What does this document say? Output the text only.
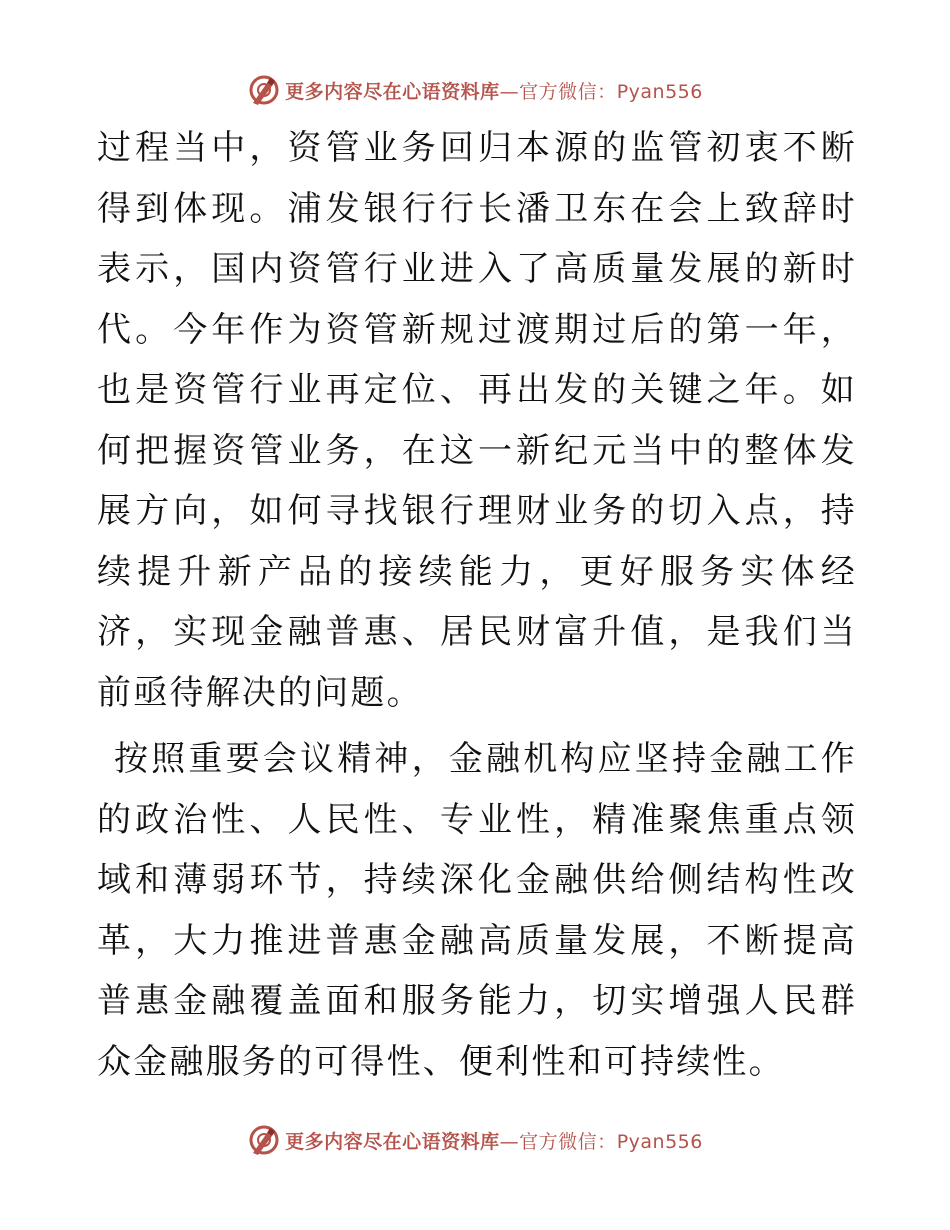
更多内容尽在心语资料库—官方微信：Pyan556

过程当中，资管业务回归本源的监管初衷不断得到体现。浦发银行行长潘卫东在会上致辞时表示，国内资管行业进入了高质量发展的新时代。今年作为资管新规过渡期过后的第一年，也是资管行业再定位、再出发的关键之年。如何把握资管业务，在这一新纪元当中的整体发展方向，如何寻找银行理财业务的切入点，持续提升新产品的接续能力，更好服务实体经济，实现金融普惠、居民财富升值，是我们当前亟待解决的问题。

按照重要会议精神，金融机构应坚持金融工作的政治性、人民性、专业性，精准聚焦重点领域和薄弱环节，持续深化金融供给侧结构性改革，大力推进普惠金融高质量发展，不断提高普惠金融覆盖面和服务能力，切实增强人民群众金融服务的可得性、便利性和可持续性。

更多内容尽在心语资料库—官方微信：Pyan556
